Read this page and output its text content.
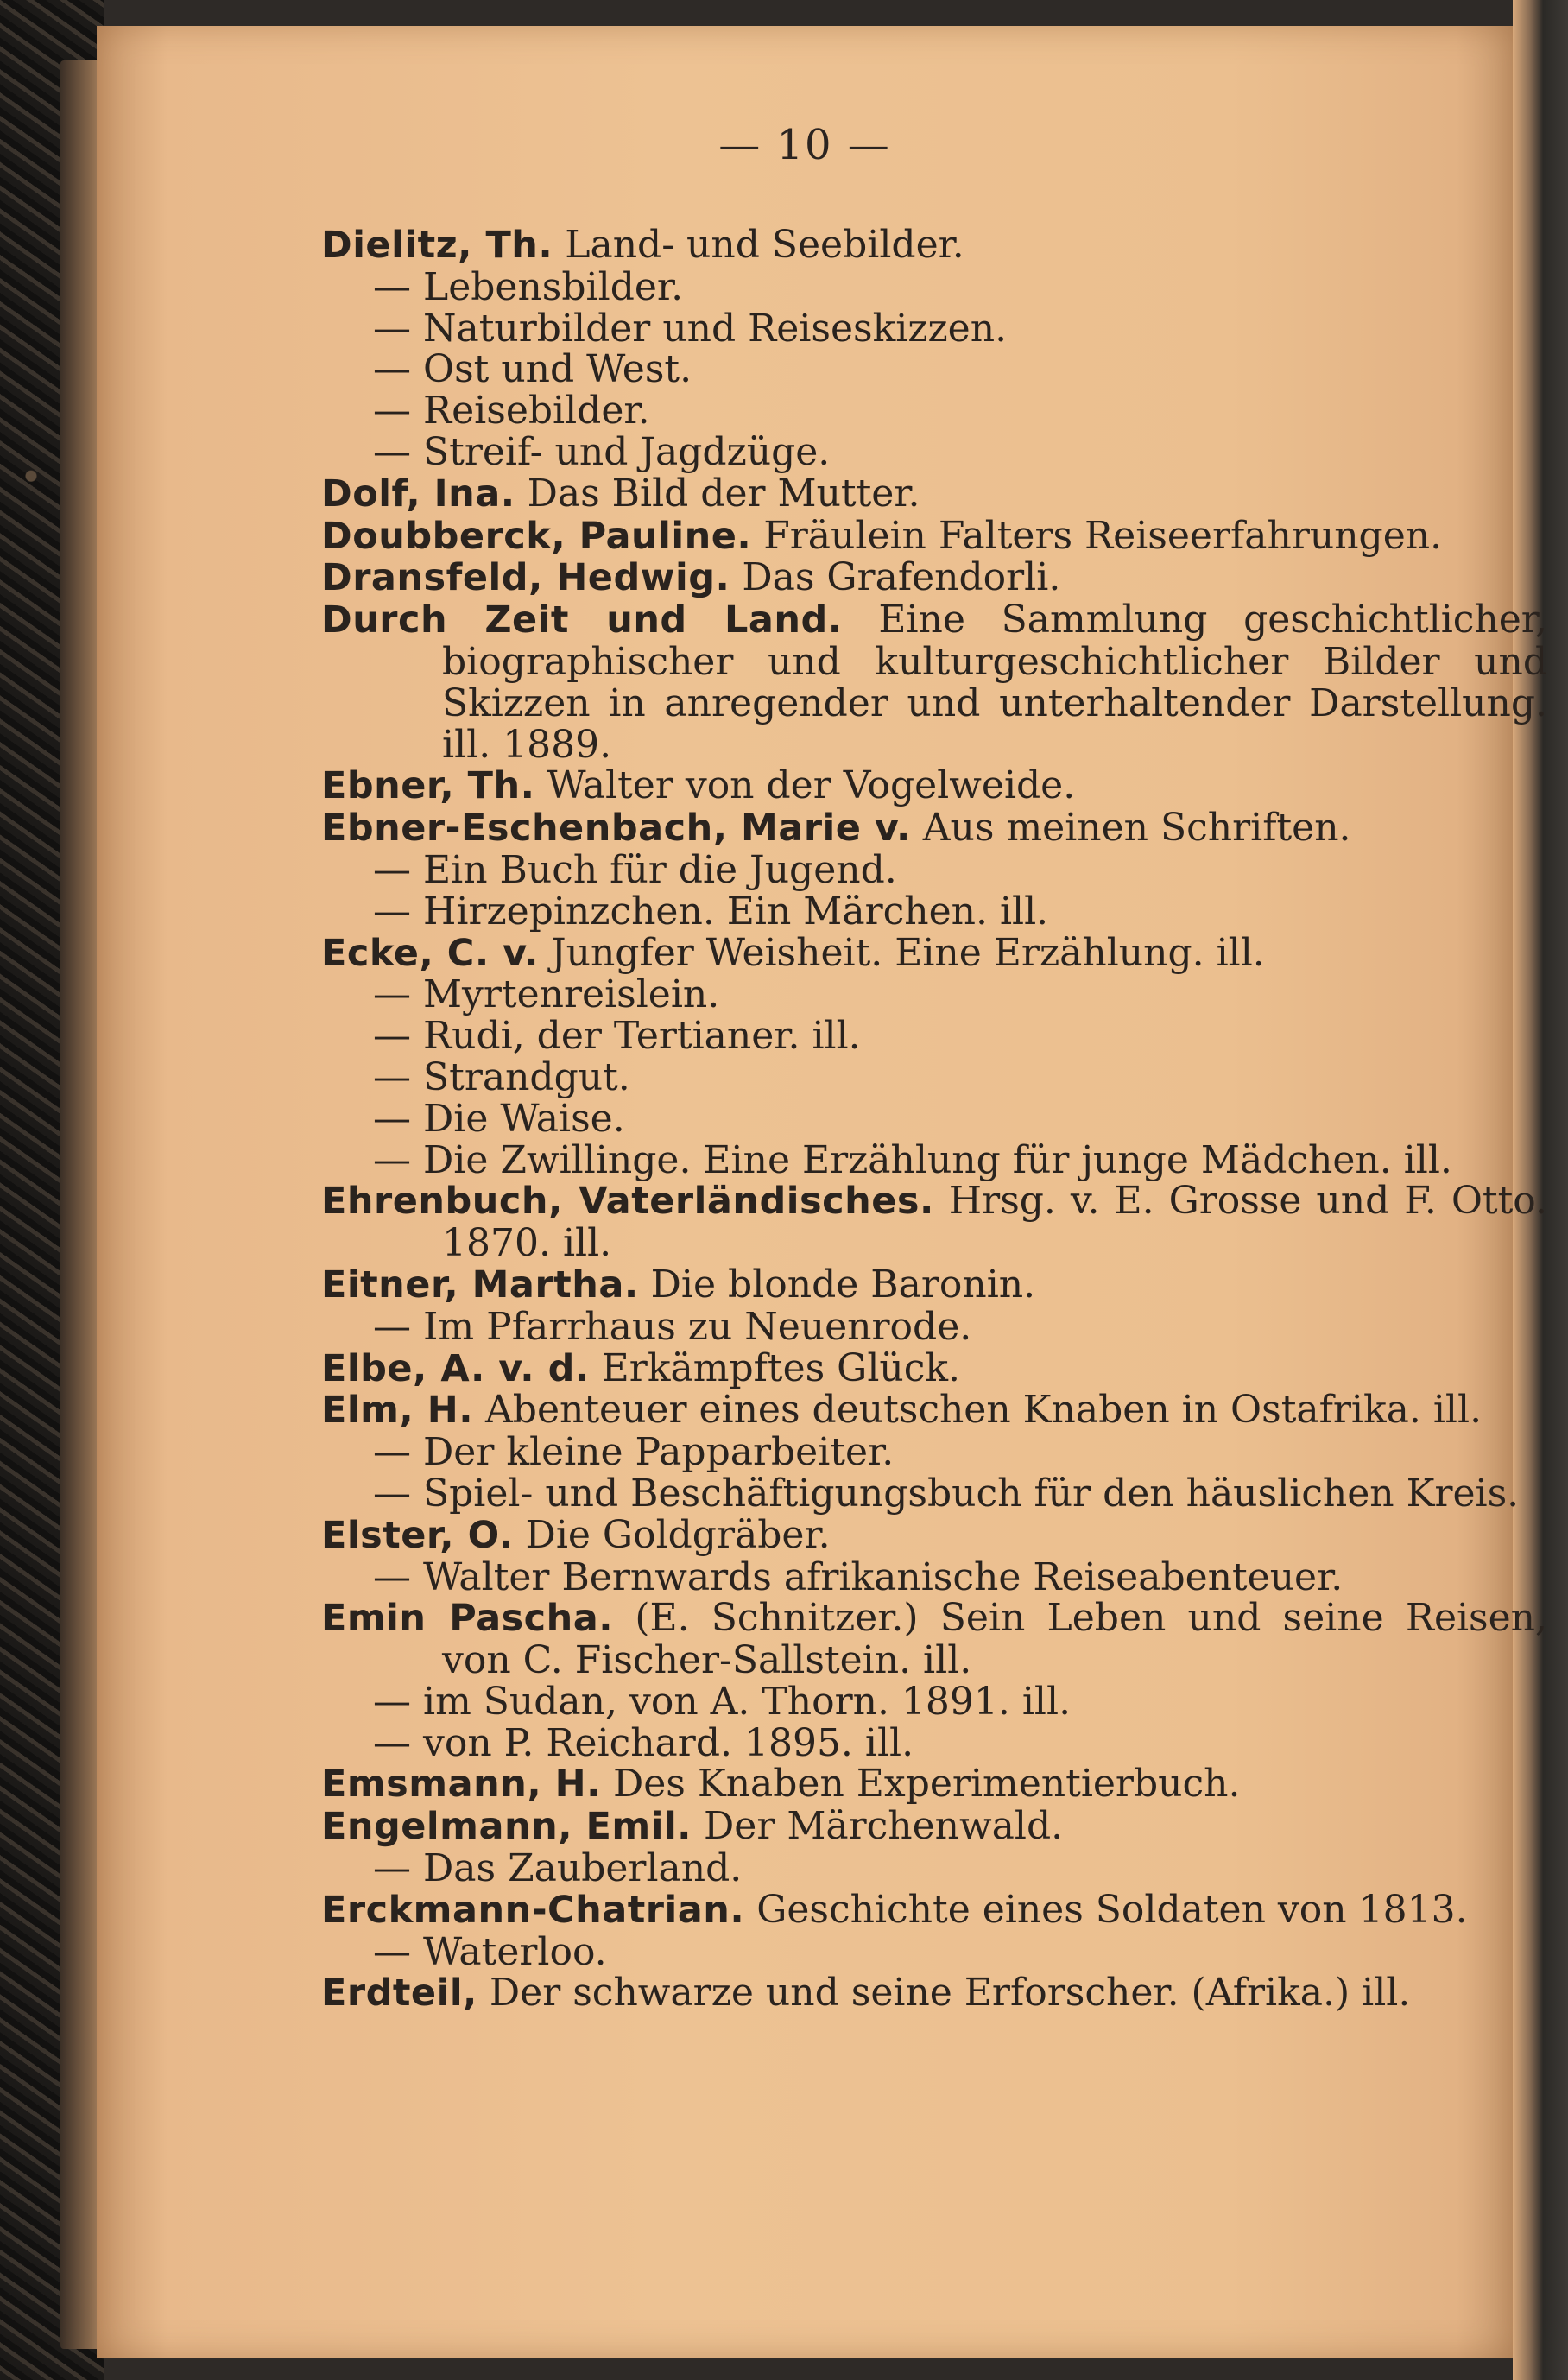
— 10 —
Dielitz, Th. Land- und Seebilder.
— Lebensbilder.
— Naturbilder und Reiseskizzen.
— Ost und West.
— Reisebilder.
— Streif- und Jagdzüge.
Dolf, Ina. Das Bild der Mutter.
Doubberck, Pauline. Fräulein Falters Reiseerfahrungen.
Dransfeld, Hedwig. Das Grafendorli.
Durch Zeit und Land. Eine Sammlung geschichtlicher, biographischer und kulturgeschichtlicher Bilder und Skizzen in anregender und unterhaltender Darstellung. ill. 1889.
Ebner, Th. Walter von der Vogelweide.
Ebner-Eschenbach, Marie v. Aus meinen Schriften.
— Ein Buch für die Jugend.
— Hirzepinzchen. Ein Märchen. ill.
Ecke, C. v. Jungfer Weisheit. Eine Erzählung. ill.
— Myrtenreislein.
— Rudi, der Tertianer. ill.
— Strandgut.
— Die Waise.
— Die Zwillinge. Eine Erzählung für junge Mädchen. ill.
Ehrenbuch, Vaterländisches. Hrsg. v. E. Grosse und F. Otto. 1870. ill.
Eitner, Martha. Die blonde Baronin.
— Im Pfarrhaus zu Neuenrode.
Elbe, A. v. d. Erkämpftes Glück.
Elm, H. Abenteuer eines deutschen Knaben in Ostafrika. ill.
— Der kleine Papparbeiter.
— Spiel- und Beschäftigungsbuch für den häuslichen Kreis.
Elster, O. Die Goldgräber.
— Walter Bernwards afrikanische Reiseabenteuer.
Emin Pascha. (E. Schnitzer.) Sein Leben und seine Reisen, von C. Fischer-Sallstein. ill.
— im Sudan, von A. Thorn. 1891. ill.
— von P. Reichard. 1895. ill.
Emsmann, H. Des Knaben Experimentierbuch.
Engelmann, Emil. Der Märchenwald.
— Das Zauberland.
Erckmann-Chatrian. Geschichte eines Soldaten von 1813.
— Waterloo.
Erdteil, Der schwarze und seine Erforscher. (Afrika.) ill.
